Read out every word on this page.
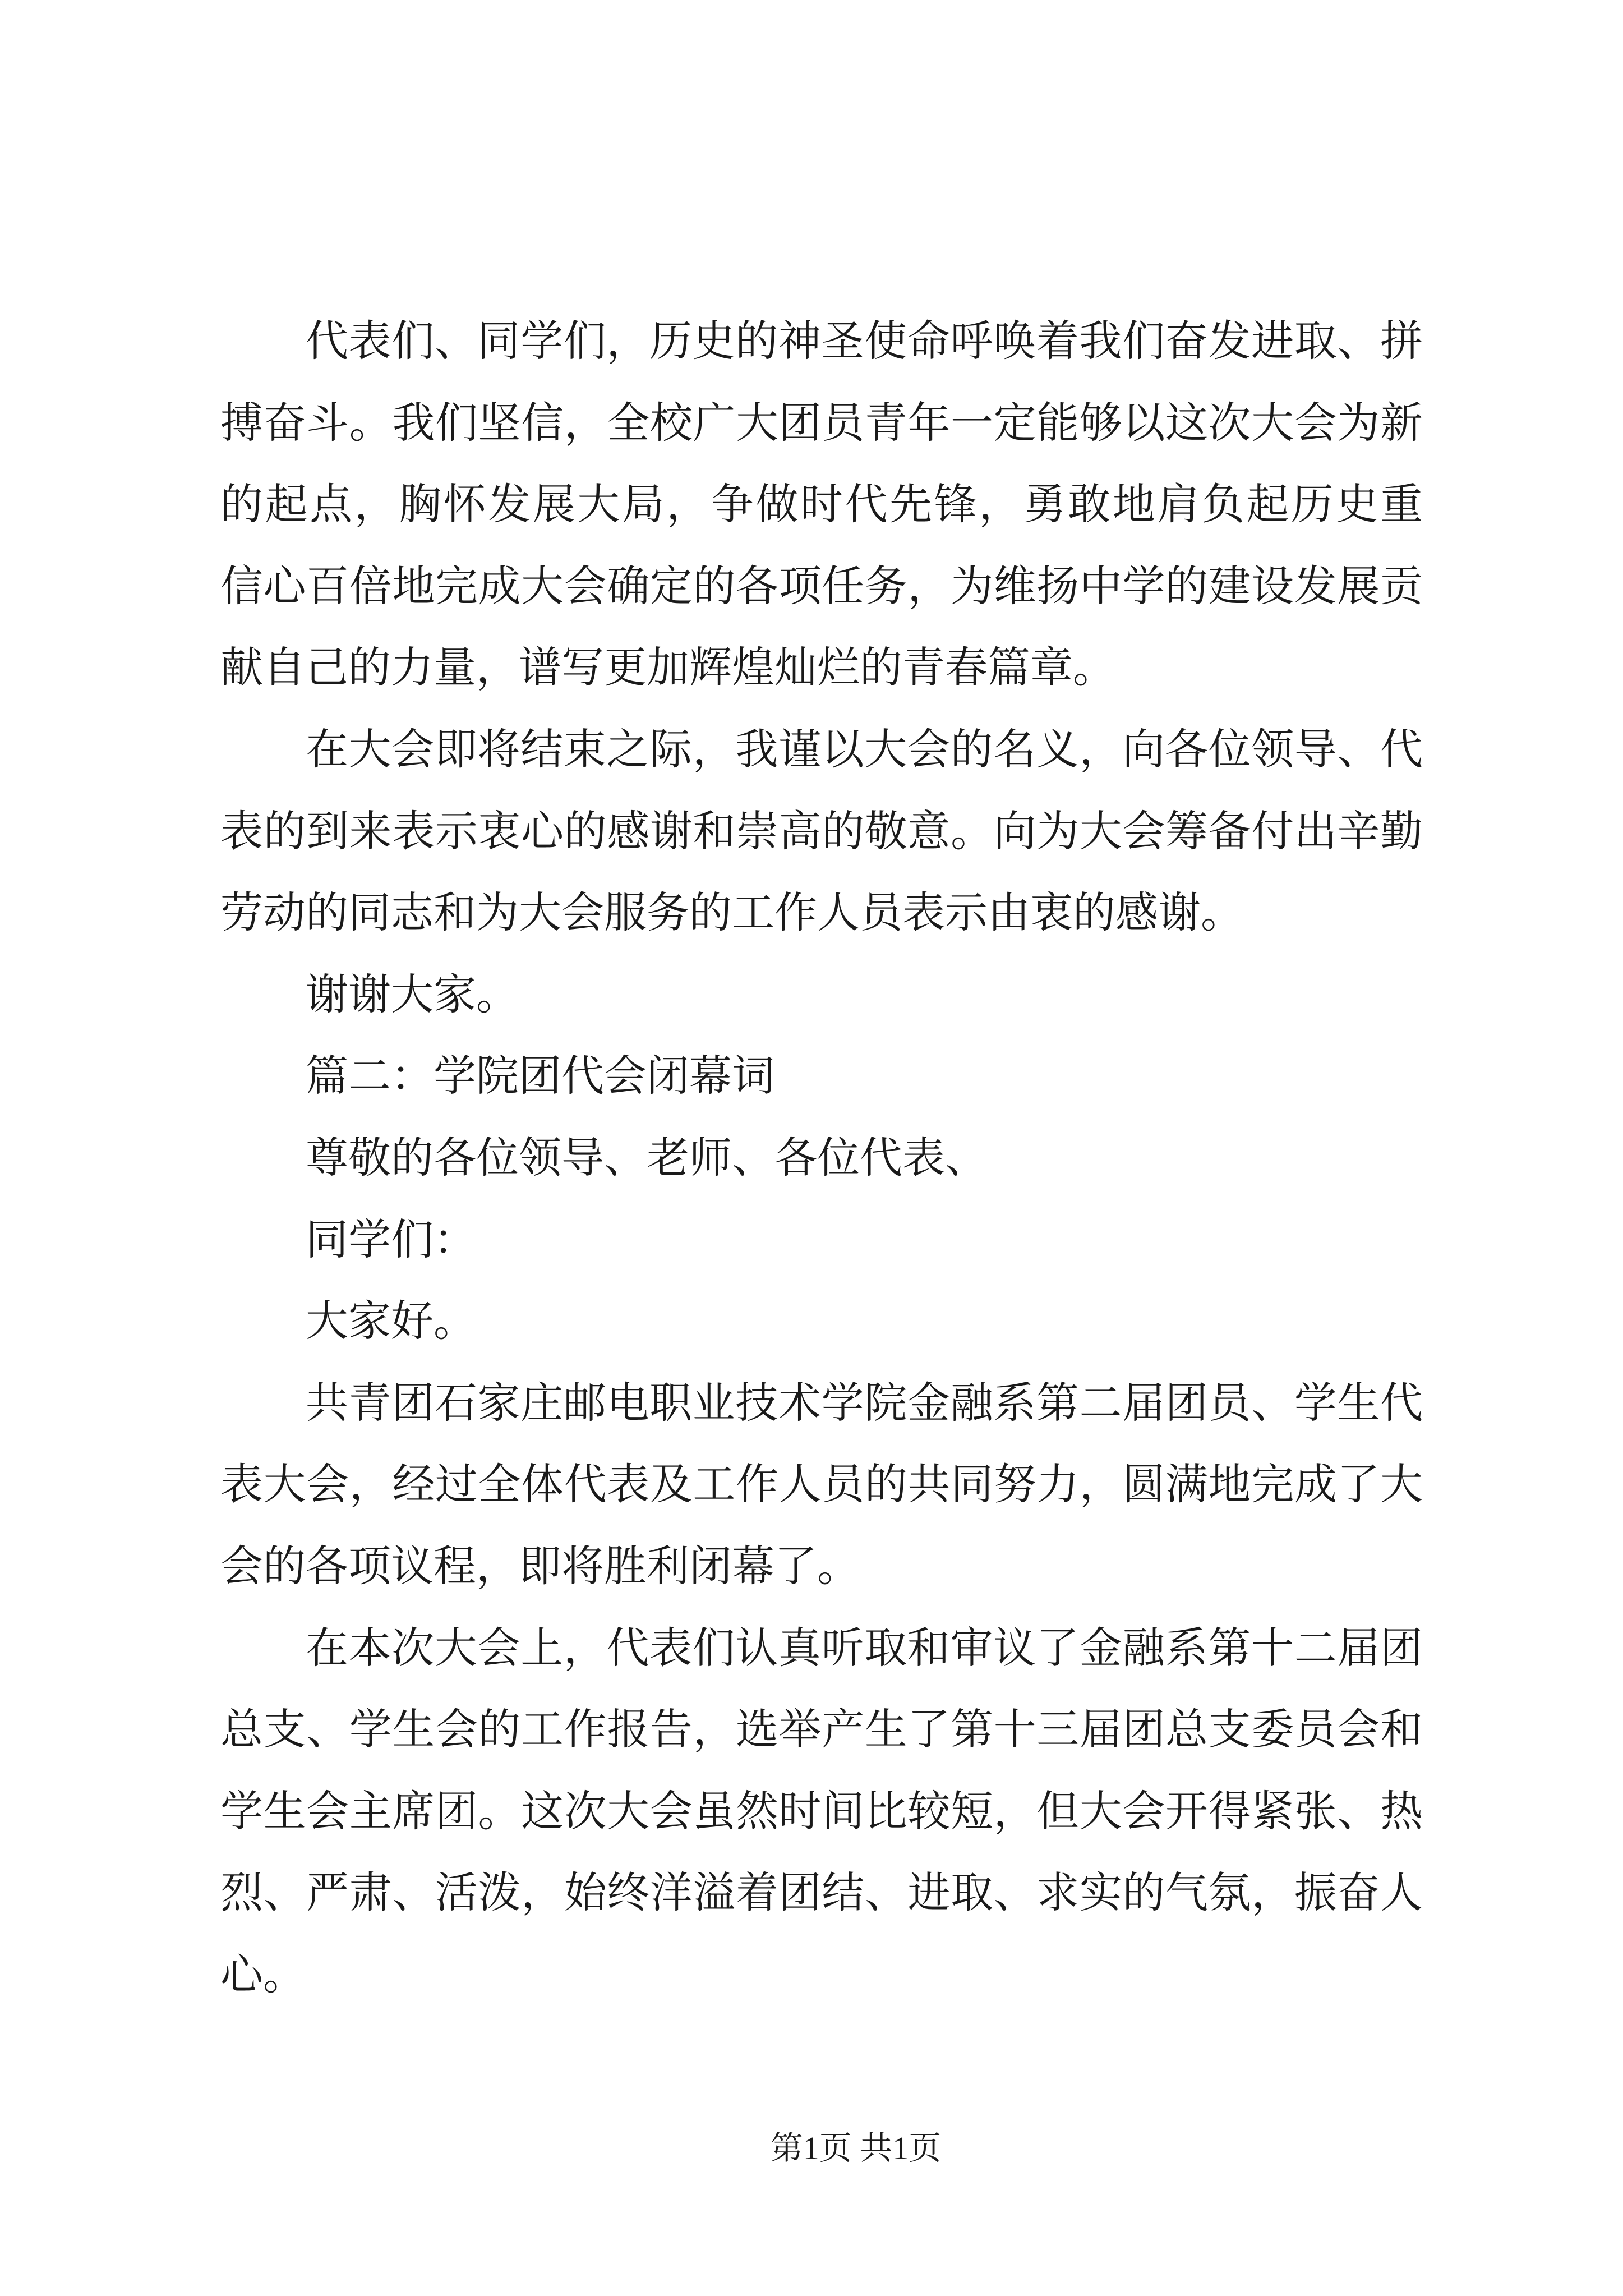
代表们、同学们，历史的神圣使命呼唤着我们奋发进取、拼
搏奋斗。我们坚信，全校广大团员青年一定能够以这次大会为新
的起点，胸怀发展大局，争做时代先锋，勇敢地肩负起历史重
信心百倍地完成大会确定的各项任务，为维扬中学的建设发展贡
献自己的力量，谱写更加辉煌灿烂的青春篇章。
在大会即将结束之际，我谨以大会的名义，向各位领导、代
表的到来表示衷心的感谢和崇高的敬意。向为大会筹备付出辛勤
劳动的同志和为大会服务的工作人员表示由衷的感谢。
谢谢大家。
篇二：学院团代会闭幕词
尊敬的各位领导、老师、各位代表、
同学们：
大家好。
共青团石家庄邮电职业技术学院金融系第二届团员、学生代
表大会，经过全体代表及工作人员的共同努力，圆满地完成了大
会的各项议程，即将胜利闭幕了。
在本次大会上，代表们认真听取和审议了金融系第十二届团
总支、学生会的工作报告，选举产生了第十三届团总支委员会和
学生会主席团。这次大会虽然时间比较短，但大会开得紧张、热
烈、严肃、活泼，始终洋溢着团结、进取、求实的气氛，振奋人
心。
第1页 共1页
